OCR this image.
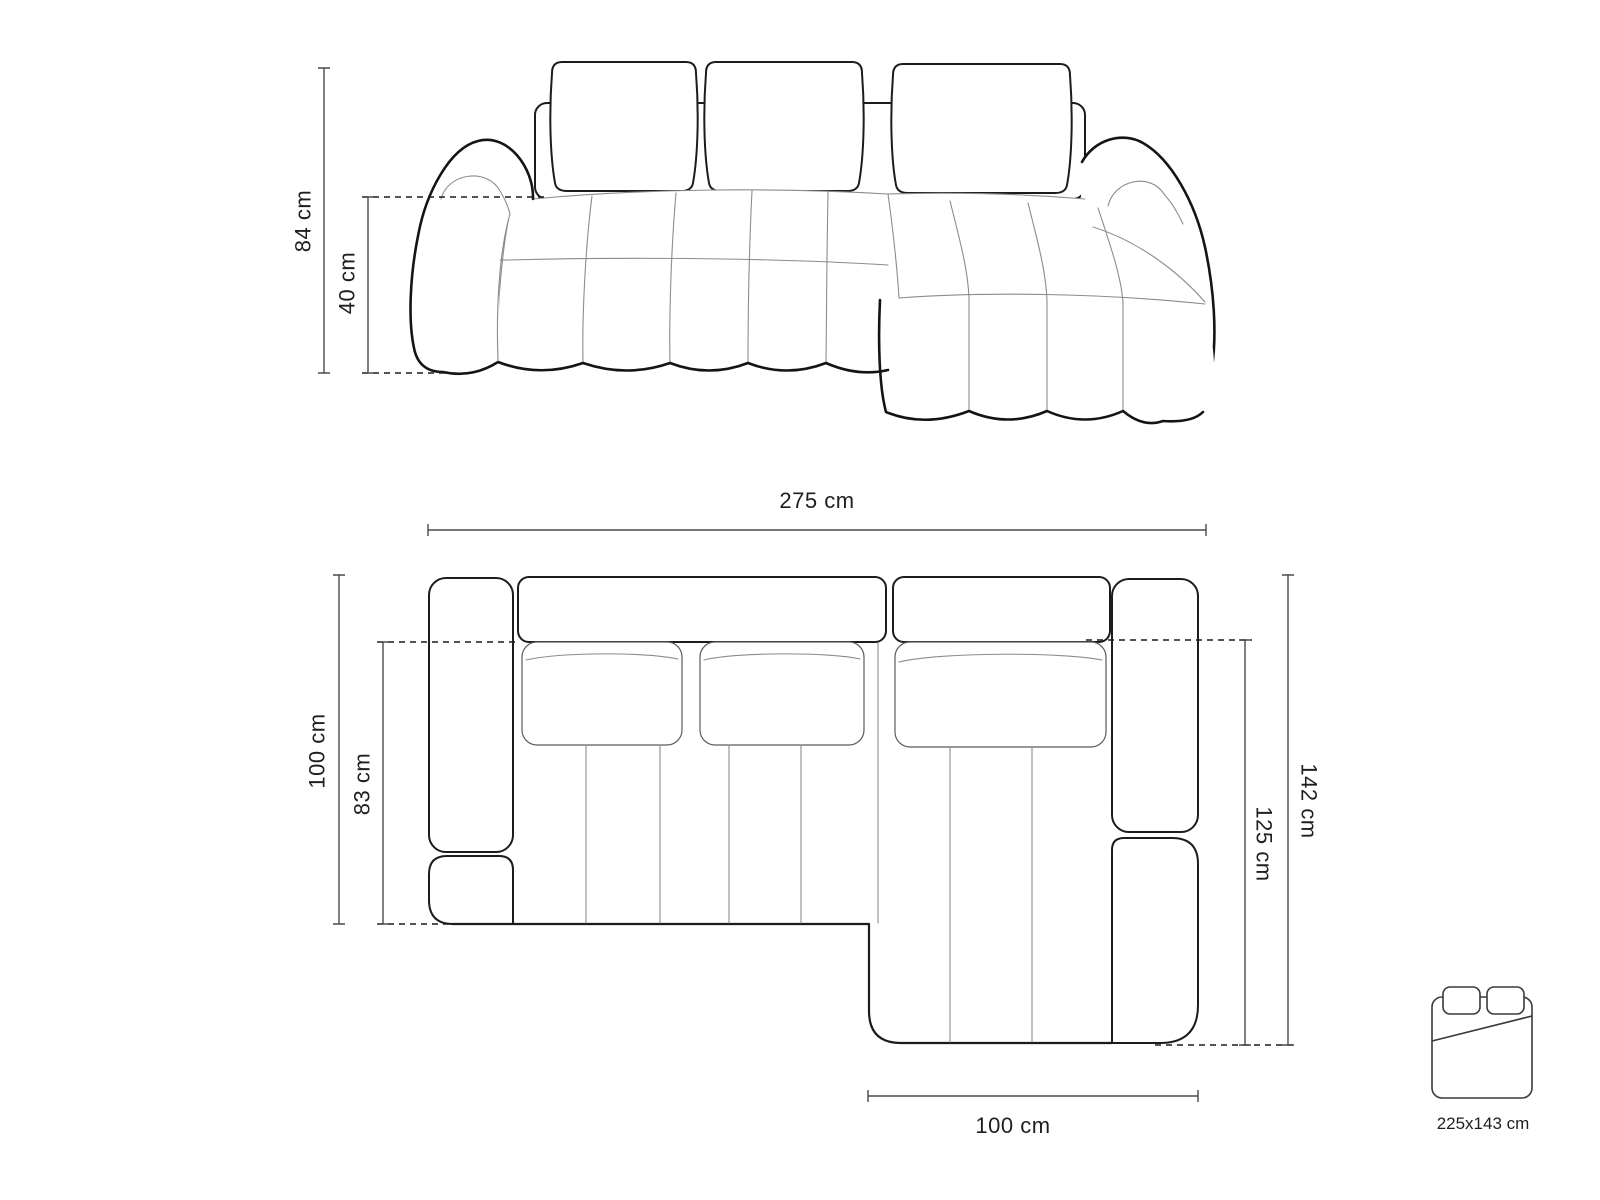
84 cm
40 cm
275 cm
100 cm 83 cm
125 cm
142 cm
100 cm	225x143 cm
